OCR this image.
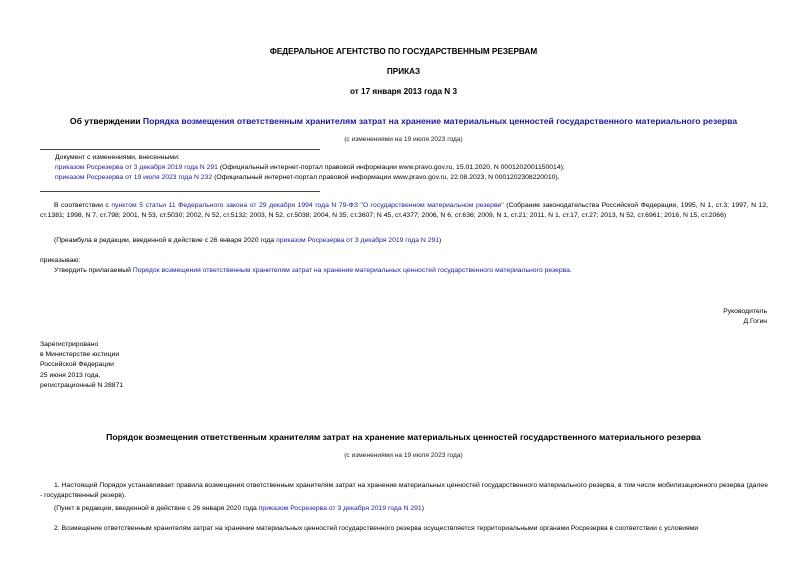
ФЕДЕРАЛЬНОЕ АГЕНТСТВО ПО ГОСУДАРСТВЕННЫМ РЕЗЕРВАМ
ПРИКАЗ
от 17 января 2013 года N 3
Об утверждении Порядка возмещения ответственным хранителям затрат на хранение материальных ценностей государственного материального резерва
(с изменениями на 19 июля 2023 года)
Документ с изменениями, внесенными:
приказом Росрезерва от 3 декабря 2019 года N 291 (Официальный интернет-портал правовой информации www.pravo.gov.ru, 15.01.2020, N 0001202001150014);
приказом Росрезерва от 19 июля 2023 года N 232 (Официальный интернет-портал правовой информации www.pravo.gov.ru, 22.08.2023, N 0001202308220010).
В соответствии с пунктом 5 статьи 11 Федерального закона от 29 декабря 1994 года N 79-ФЗ "О государственном материальном резерве" (Собрание законодательства Российской Федерации, 1995, N 1, ст.3; 1997, N 12, ст.1381; 1998, N 7, ст.798; 2001, N 53, ст.5030; 2002, N 52, ст.5132; 2003, N 52, ст.5038; 2004, N 35, ст.3607; N 45, ст.4377; 2006, N 6, ст.636; 2009, N 1, ст.21; 2011, N 1, ст.17, ст.27; 2013, N 52, ст.6961; 2016, N 15, ст.2066)
(Преамбула в редакции, введенной в действие с 26 января 2020 года приказом Росрезерва от 3 декабря 2019 года N 291)
приказываю:
Утвердить прилагаемый Порядок возмещения ответственным хранителям затрат на хранение материальных ценностей государственного материального резерва.
Руководитель
Д.Гогин
Зарегистрировано
в Министерстве юстиции
Российской Федерации
25 июня 2013 года,
регистрационный N 28871
Порядок возмещения ответственным хранителям затрат на хранение материальных ценностей государственного материального резерва
(с изменениями на 19 июля 2023 года)
1. Настоящий Порядок устанавливает правила возмещения ответственным хранителям затрат на хранение материальных ценностей государственного материального резерва, в том числе мобилизационного резерва (далее - государственный резерв).
(Пункт в редакции, введенной в действие с 26 января 2020 года приказом Росрезерва от 3 декабря 2019 года N 291)
2. Возмещение ответственным хранителям затрат на хранение материальных ценностей государственного резерва осуществляется территориальными органами Росрезерва в соответствии с условиями
